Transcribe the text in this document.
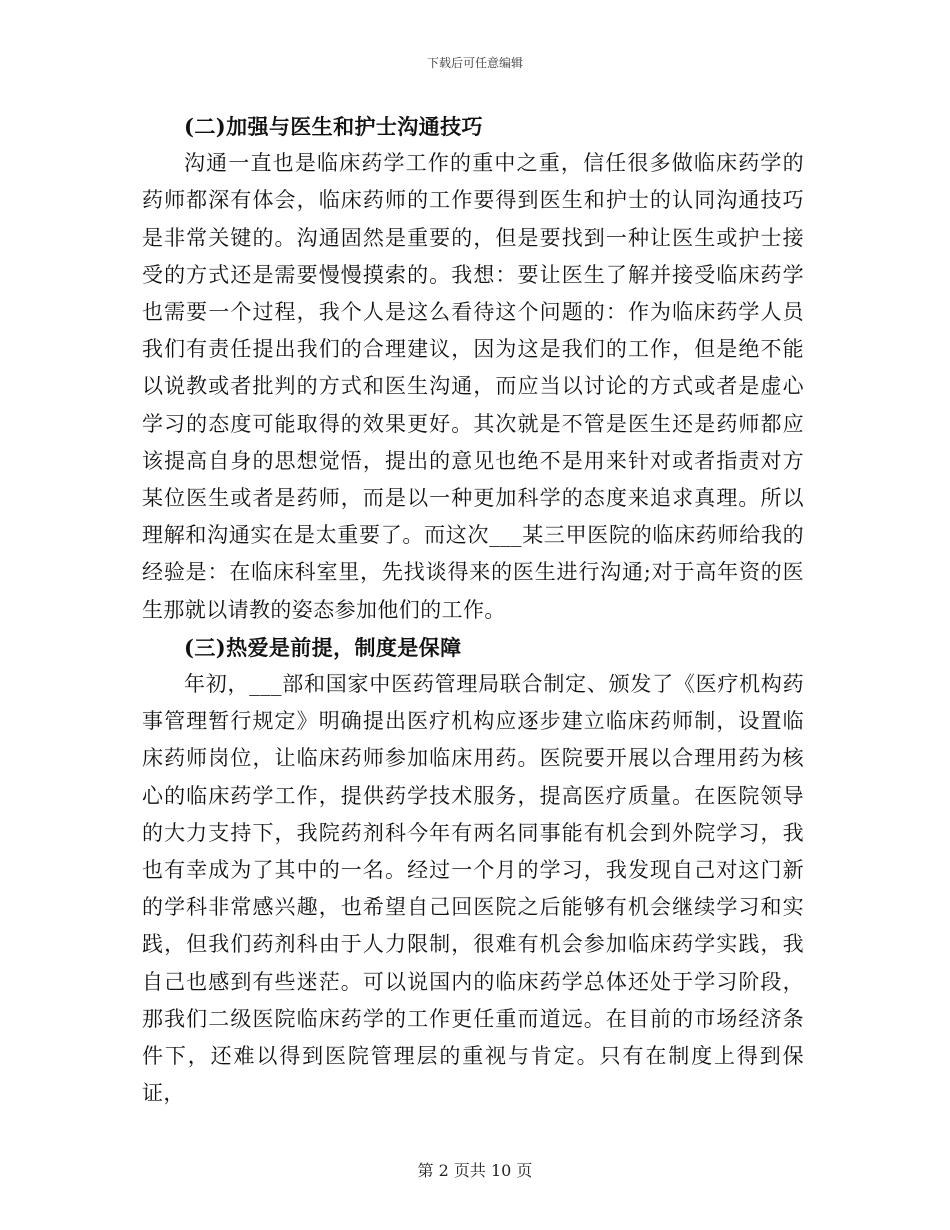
下载后可任意编辑

(二)加强与医生和护士沟通技巧

沟通一直也是临床药学工作的重中之重，信任很多做临床药学的药师都深有体会，临床药师的工作要得到医生和护士的认同沟通技巧是非常关键的。沟通固然是重要的，但是要找到一种让医生或护士接受的方式还是需要慢慢摸索的。我想：要让医生了解并接受临床药学也需要一个过程，我个人是这么看待这个问题的：作为临床药学人员我们有责任提出我们的合理建议，因为这是我们的工作，但是绝不能以说教或者批判的方式和医生沟通，而应当以讨论的方式或者是虚心学习的态度可能取得的效果更好。其次就是不管是医生还是药师都应该提高自身的思想觉悟，提出的意见也绝不是用来针对或者指责对方某位医生或者是药师，而是以一种更加科学的态度来追求真理。所以理解和沟通实在是太重要了。而这次___某三甲医院的临床药师给我的经验是：在临床科室里，先找谈得来的医生进行沟通;对于高年资的医生那就以请教的姿态参加他们的工作。

(三)热爱是前提，制度是保障

年初，___部和国家中医药管理局联合制定、颁发了《医疗机构药事管理暂行规定》明确提出医疗机构应逐步建立临床药师制，设置临床药师岗位，让临床药师参加临床用药。医院要开展以合理用药为核心的临床药学工作，提供药学技术服务，提高医疗质量。在医院领导的大力支持下，我院药剂科今年有两名同事能有机会到外院学习，我也有幸成为了其中的一名。经过一个月的学习，我发现自己对这门新的学科非常感兴趣，也希望自己回医院之后能够有机会继续学习和实践，但我们药剂科由于人力限制，很难有机会参加临床药学实践，我自己也感到有些迷茫。可以说国内的临床药学总体还处于学习阶段，那我们二级医院临床药学的工作更任重而道远。在目前的市场经济条件下，还难以得到医院管理层的重视与肯定。只有在制度上得到保证，

第 2 页共 10 页
